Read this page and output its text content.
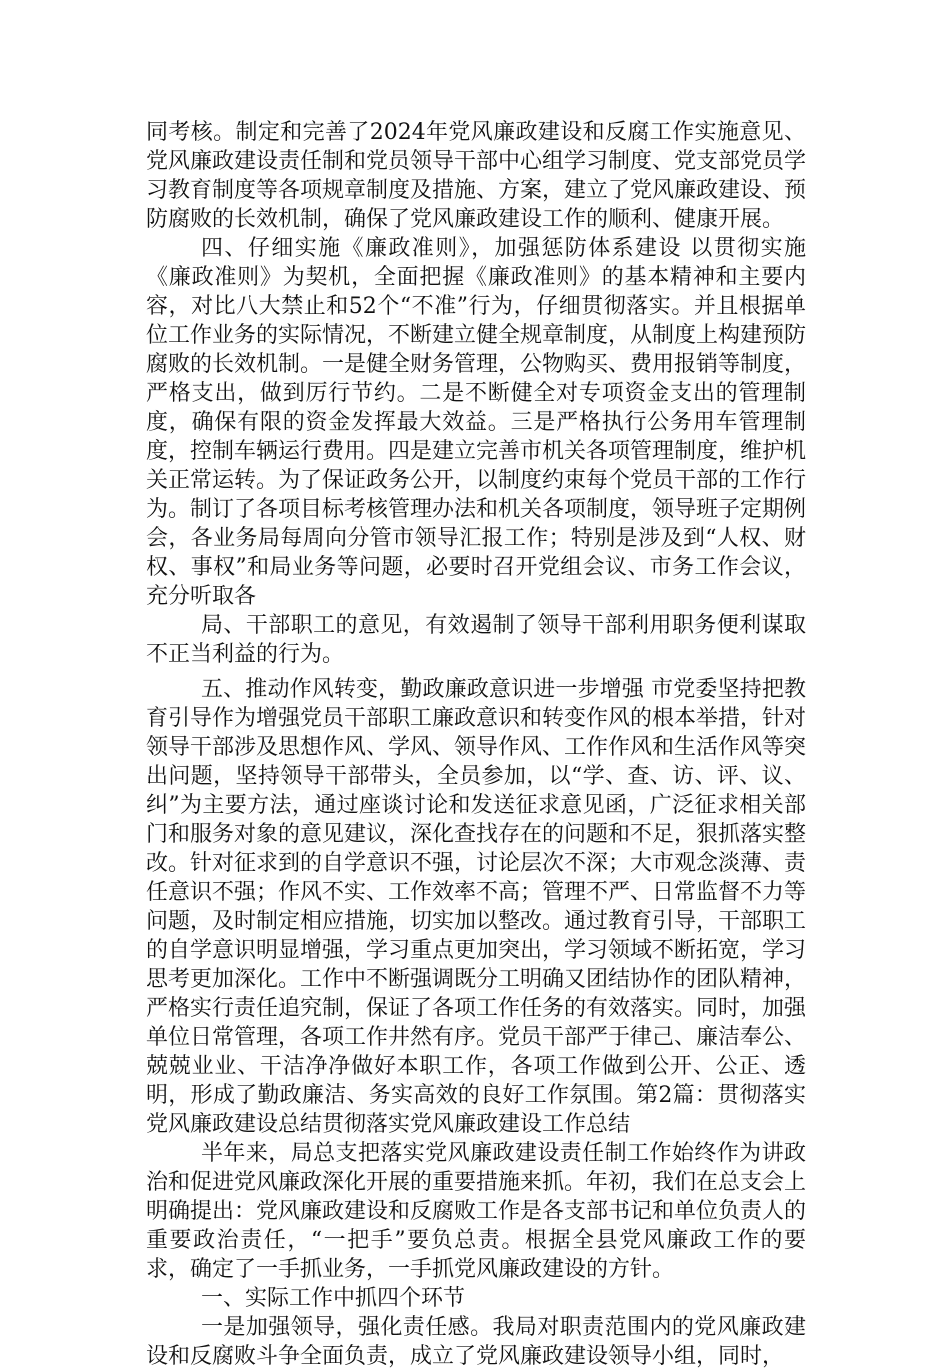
同考核。制定和完善了2024年党风廉政建设和反腐工作实施意见、党风廉政建设责任制和党员领导干部中心组学习制度、党支部党员学习教育制度等各项规章制度及措施、方案，建立了党风廉政建设、预防腐败的长效机制，确保了党风廉政建设工作的顺利、健康开展。

四、仔细实施《廉政准则》，加强惩防体系建设 以贯彻实施《廉政准则》为契机，全面把握《廉政准则》的基本精神和主要内容，对比八大禁止和52个“不准”行为，仔细贯彻落实。并且根据单位工作业务的实际情况，不断建立健全规章制度，从制度上构建预防腐败的长效机制。一是健全财务管理，公物购买、费用报销等制度，严格支出，做到厉行节约。二是不断健全对专项资金支出的管理制度，确保有限的资金发挥最大效益。三是严格执行公务用车管理制度，控制车辆运行费用。四是建立完善市机关各项管理制度，维护机关正常运转。为了保证政务公开，以制度约束每个党员干部的工作行为。制订了各项目标考核管理办法和机关各项制度，领导班子定期例会，各业务局每周向分管市领导汇报工作；特别是涉及到“人权、财权、事权”和局业务等问题，必要时召开党组会议、市务工作会议，充分听取各

局、干部职工的意见，有效遏制了领导干部利用职务便利谋取不正当利益的行为。

五、推动作风转变，勤政廉政意识进一步增强 市党委坚持把教育引导作为增强党员干部职工廉政意识和转变作风的根本举措，针对领导干部涉及思想作风、学风、领导作风、工作作风和生活作风等突出问题，坚持领导干部带头，全员参加，以“学、查、访、评、议、纠”为主要方法，通过座谈讨论和发送征求意见函，广泛征求相关部门和服务对象的意见建议，深化查找存在的问题和不足，狠抓落实整改。针对征求到的自学意识不强，讨论层次不深；大市观念淡薄、责任意识不强；作风不实、工作效率不高；管理不严、日常监督不力等问题，及时制定相应措施，切实加以整改。通过教育引导，干部职工的自学意识明显增强，学习重点更加突出，学习领域不断拓宽，学习思考更加深化。工作中不断强调既分工明确又团结协作的团队精神，严格实行责任追究制，保证了各项工作任务的有效落实。同时，加强单位日常管理，各项工作井然有序。党员干部严于律己、廉洁奉公、兢兢业业、干洁净净做好本职工作，各项工作做到公开、公正、透明，形成了勤政廉洁、务实高效的良好工作氛围。第2篇：贯彻落实党风廉政建设总结贯彻落实党风廉政建设工作总结

半年来，局总支把落实党风廉政建设责任制工作始终作为讲政治和促进党风廉政深化开展的重要措施来抓。年初，我们在总支会上明确提出：党风廉政建设和反腐败工作是各支部书记和单位负责人的重要政治责任，“一把手”要负总责。根据全县党风廉政工作的要求，确定了一手抓业务，一手抓党风廉政建设的方针。

一、实际工作中抓四个环节

一是加强领导，强化责任感。我局对职责范围内的党风廉政建设和反腐败斗争全面负责，成立了党风廉政建设领导小组，同时，
